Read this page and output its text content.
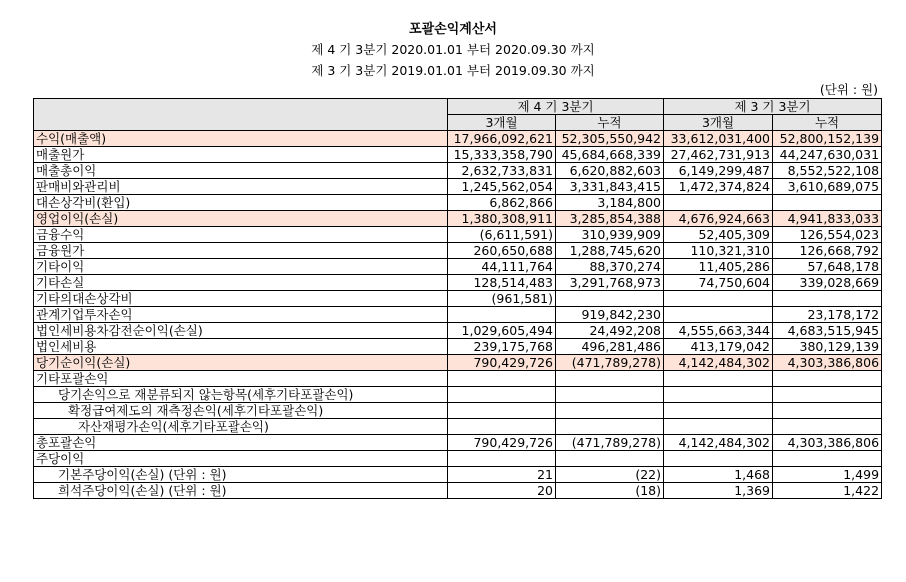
포괄손익계산서
제 4 기 3분기 2020.01.01 부터 2020.09.30 까지
제 3 기 3분기 2019.01.01 부터 2019.09.30 까지
(단위 : 원)
	제 4 기 3분기		제 3 기 3분기	
	3개월	누적	3개월	누적
수익(매출액)	17,966,092,621	52,305,550,942	33,612,031,400	52,800,152,139
매출원가	15,333,358,790	45,684,668,339	27,462,731,913	44,247,630,031
매출총이익	2,632,733,831	6,620,882,603	6,149,299,487	8,552,522,108
판매비와관리비	1,245,562,054	3,331,843,415	1,472,374,824	3,610,689,075
대손상각비(환입)	6,862,866	3,184,800		
영업이익(손실)	1,380,308,911	3,285,854,388	4,676,924,663	4,941,833,033
금융수익	(6,611,591)	310,939,909	52,405,309	126,554,023
금융원가	260,650,688	1,288,745,620	110,321,310	126,668,792
기타이익	44,111,764	88,370,274	11,405,286	57,648,178
기타손실	128,514,483	3,291,768,973	74,750,604	339,028,669
기타의대손상각비	(961,581)			
관계기업투자손익		919,842,230		23,178,172
법인세비용차감전순이익(손실)	1,029,605,494	24,492,208	4,555,663,344	4,683,515,945
법인세비용	239,175,768	496,281,486	413,179,042	380,129,139
당기순이익(손실)	790,429,726	(471,789,278)	4,142,484,302	4,303,386,806
기타포괄손익				
당기손익으로 재분류되지 않는항목(세후기타포괄손익)				
확정급여제도의 재측정손익(세후기타포괄손익)				
자산재평가손익(세후기타포괄손익)				
총포괄손익	790,429,726	(471,789,278)	4,142,484,302	4,303,386,806
주당이익				
기본주당이익(손실) (단위 : 원)	21	(22)	1,468	1,499
희석주당이익(손실) (단위 : 원)	20	(18)	1,369	1,422
